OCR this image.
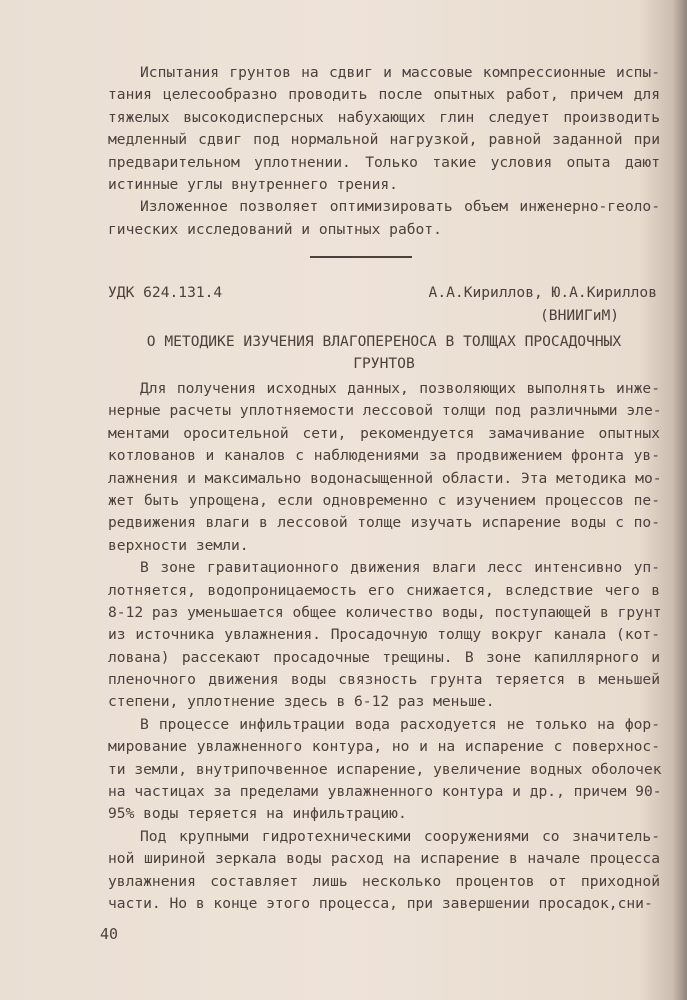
Испытания грунтов на сдвиг и массовые компрессионные испы-
тания целесообразно проводить после опытных работ, причем для
тяжелых высокодисперсных набухающих глин следует производить
медленный сдвиг под нормальной нагрузкой, равной заданной при
предварительном уплотнении. Только такие условия опыта дают
истинные углы внутреннего трения.
Изложенное позволяет оптимизировать объем инженерно-геоло-
гических исследований и опытных работ.
УДК 624.131.4	А.А.Кириллов, Ю.А.Кириллов
(ВНИИГиМ)
О МЕТОДИКЕ ИЗУЧЕНИЯ ВЛАГОПЕРЕНОСА В ТОЛЩАХ ПРОСАДОЧНЫХ
ГРУНТОВ
Для получения исходных данных, позволяющих выполнять инже-
нерные расчеты уплотняемости лессовой толщи под различными эле-
ментами оросительной сети, рекомендуется замачивание опытных
котлованов и каналов с наблюдениями за продвижением фронта ув-
лажнения и максимально водонасыщенной области. Эта методика мо-
жет быть упрощена, если одновременно с изучением процессов пе-
редвижения влаги в лессовой толще изучать испарение воды с по-
верхности земли.
В зоне гравитационного движения влаги лесс интенсивно уп-
лотняется, водопроницаемость его снижается, вследствие чего в
8-12 раз уменьшается общее количество воды, поступающей в грунт
из источника увлажнения. Просадочную толщу вокруг канала (кот-
лована) рассекают просадочные трещины. В зоне капиллярного и
пленочного движения воды связность грунта теряется в меньшей
степени, уплотнение здесь в 6-12 раз меньше.
В процессе инфильтрации вода расходуется не только на фор-
мирование увлажненного контура, но и на испарение с поверхнос-
ти земли, внутрипочвенное испарение, увеличение водных оболочек
на частицах за пределами увлажненного контура и др., причем 90-
95% воды теряется на инфильтрацию.
Под крупными гидротехническими сооружениями со значитель-
ной шириной зеркала воды расход на испарение в начале процесса
увлажнения составляет лишь несколько процентов от приходной
части. Но в конце этого процесса, при завершении просадок,сни-
40
